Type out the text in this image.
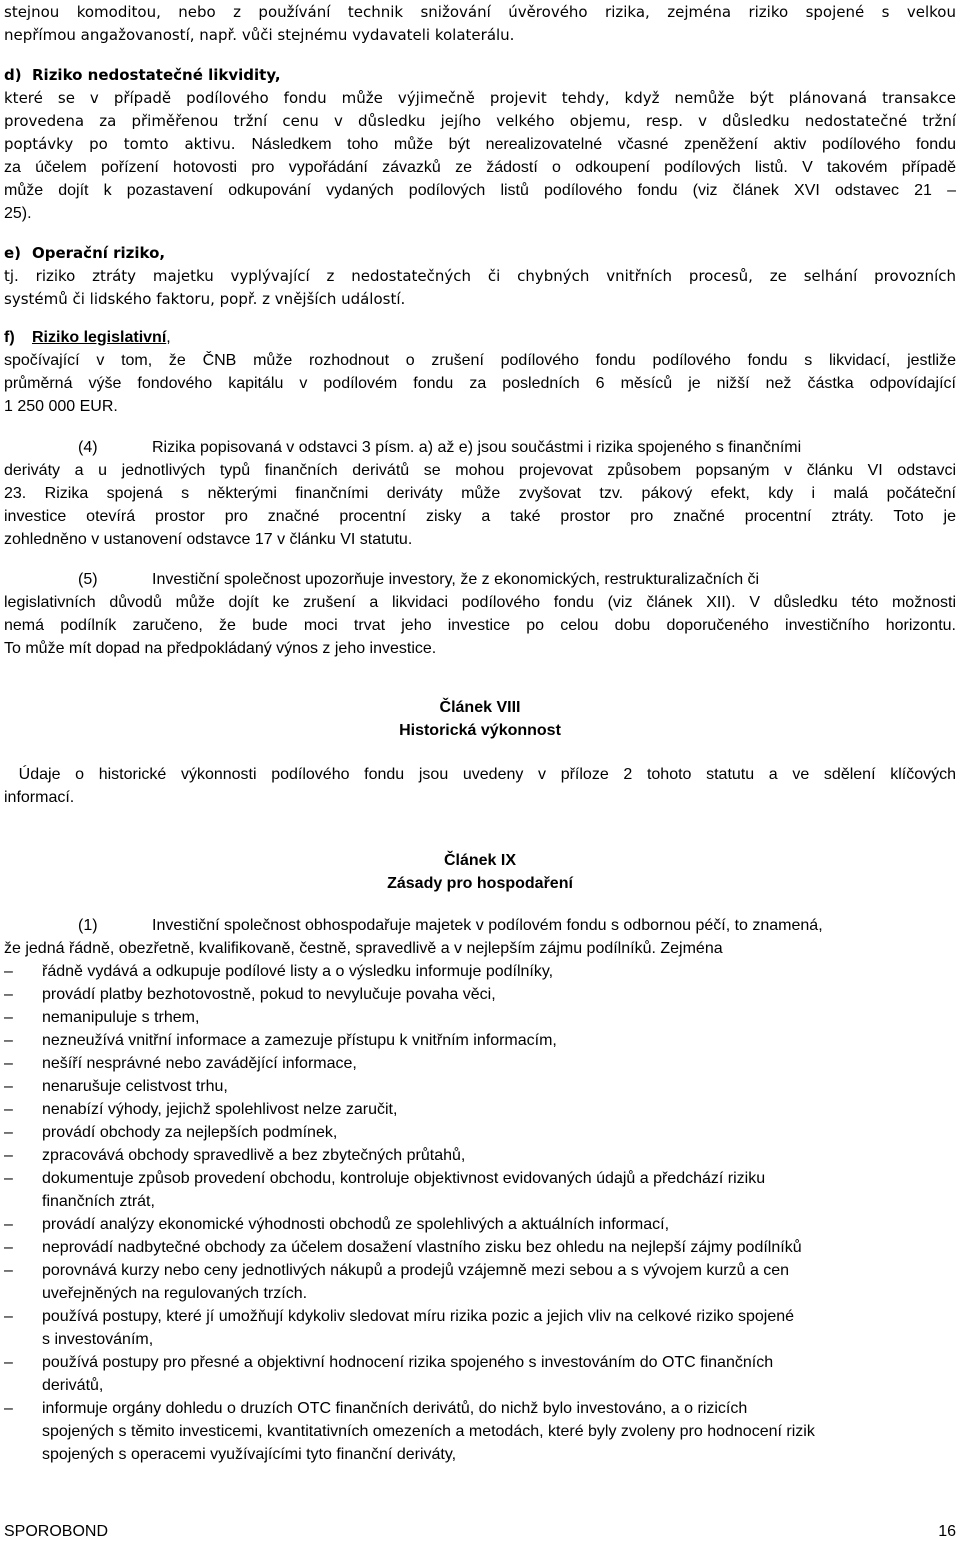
stejnou komoditou, nebo z používání technik snižování úvěrového rizika, zejména riziko spojené s velkou
nepřímou angažovaností, např. vůči stejnému vydavateli kolaterálu.
d) Riziko nedostatečné likvidity,
které se v případě podílového fondu může výjimečně projevit tehdy, když nemůže být plánovaná transakce
provedena za přiměřenou tržní cenu v důsledku jejího velkého objemu, resp. v důsledku nedostatečné tržní
poptávky po tomto aktivu. Následkem toho může být nerealizovatelné včasné zpeněžení aktiv podílového fondu
za účelem pořízení hotovosti pro vypořádání závazků ze žádostí o odkoupení podílových listů. V takovém případě
může dojít k pozastavení odkupování vydaných podílových listů podílového fondu (viz článek XVI odstavec 21 –
25).
e) Operační riziko,
tj. riziko ztráty majetku vyplývající z nedostatečných či chybných vnitřních procesů, ze selhání provozních
systémů či lidského faktoru, popř. z vnějších událostí.
f) Riziko legislativní,
spočívající v tom, že ČNB může rozhodnout o zrušení podílového fondu podílového fondu s likvidací, jestliže
průměrná výše fondového kapitálu v podílovém fondu za posledních 6 měsíců je nižší než částka odpovídající
1 250 000 EUR.
(4)	Rizika popisovaná v odstavci 3 písm. a) až e) jsou součástmi i rizika spojeného s finančními
deriváty a u jednotlivých typů finančních derivátů se mohou projevovat způsobem popsaným v článku VI odstavci
23. Rizika spojená s některými finančními deriváty může zvyšovat tzv. pákový efekt, kdy i malá počáteční
investice otevírá prostor pro značné procentní zisky a také prostor pro značné procentní ztráty. Toto je
zohledněno v ustanovení odstavce 17 v článku VI statutu.
(5)	Investiční společnost upozorňuje investory, že z ekonomických, restrukturalizačních či
legislativních důvodů může dojít ke zrušení a likvidaci podílového fondu (viz článek XII). V důsledku této možnosti
nemá podílník zaručeno, že bude moci trvat jeho investice po celou dobu doporučeného investičního horizontu.
To může mít dopad na předpokládaný výnos z jeho investice.
Článek VIII
Historická výkonnost
Údaje o historické výkonnosti podílového fondu jsou uvedeny v příloze 2 tohoto statutu a ve sdělení klíčových
informací.
Článek IX
Zásady pro hospodaření
(1)	Investiční společnost obhospodařuje majetek v podílovém fondu s odbornou péčí, to znamená,
že jedná řádně, obezřetně, kvalifikovaně, čestně, spravedlivě a v nejlepším zájmu podílníků. Zejména
– řádně vydává a odkupuje podílové listy a o výsledku informuje podílníky,
– provádí platby bezhotovostně, pokud to nevylučuje povaha věci,
– nemanipuluje s trhem,
– nezneužívá vnitřní informace a zamezuje přístupu k vnitřním informacím,
– nešíří nesprávné nebo zavádějící informace,
– nenarušuje celistvost trhu,
– nenabízí výhody, jejichž spolehlivost nelze zaručit,
– provádí obchody za nejlepších podmínek,
– zpracovává obchody spravedlivě a bez zbytečných průtahů,
– dokumentuje způsob provedení obchodu, kontroluje objektivnost evidovaných údajů a předchází riziku
finančních ztrát,
– provádí analýzy ekonomické výhodnosti obchodů ze spolehlivých a aktuálních informací,
– neprovádí nadbytečné obchody za účelem dosažení vlastního zisku bez ohledu na nejlepší zájmy podílníků
– porovnává kurzy nebo ceny jednotlivých nákupů a prodejů vzájemně mezi sebou a s vývojem kurzů a cen
uveřejněných na regulovaných trzích.
– používá postupy, které jí umožňují kdykoliv sledovat míru rizika pozic a jejich vliv na celkové riziko spojené
s investováním,
– používá postupy pro přesné a objektivní hodnocení rizika spojeného s investováním do OTC finančních
derivátů,
– informuje orgány dohledu o druzích OTC finančních derivátů, do nichž bylo investováno, a o rizicích
spojených s těmito investicemi, kvantitativních omezeních a metodách, které byly zvoleny pro hodnocení rizik
spojených s operacemi využívajícími tyto finanční deriváty,
SPOROBOND	16
